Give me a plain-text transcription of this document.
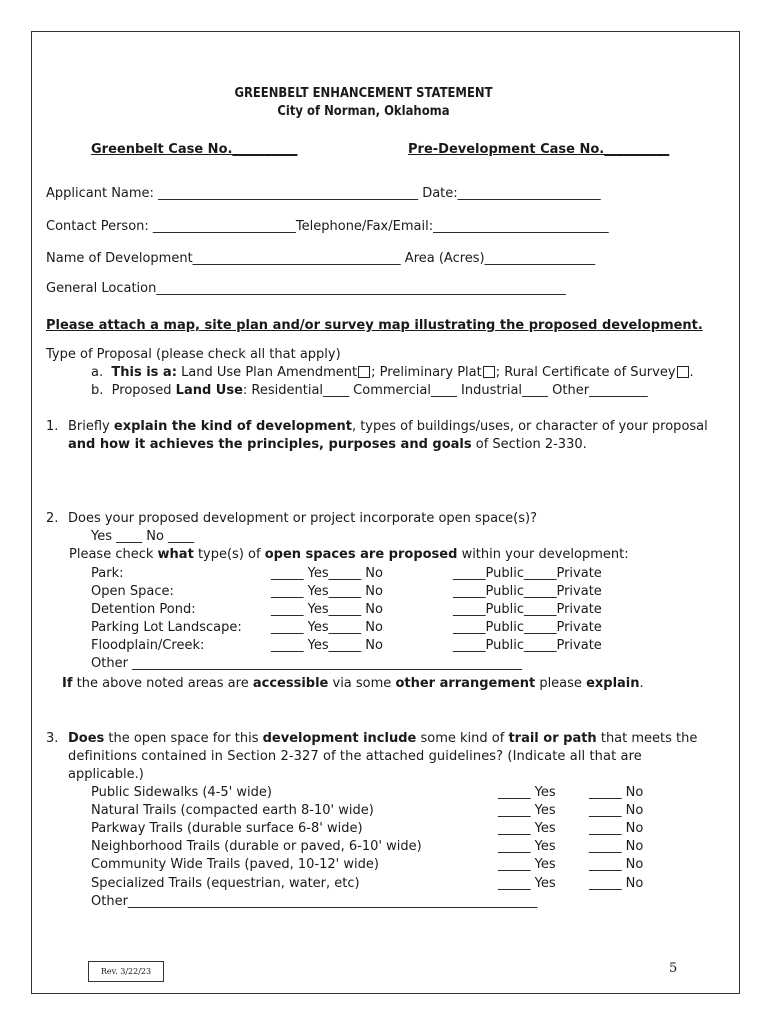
GREENBELT ENHANCEMENT STATEMENT
City of Norman, Oklahoma
Greenbelt Case No.__________	Pre-Development Case No.__________
Applicant Name: ________________________________________ Date:______________________
Contact Person: ______________________Telephone/Fax/Email:___________________________
Name of Development________________________________ Area (Acres)_________________
General Location_______________________________________________________________
Please attach a map, site plan and/or survey map illustrating the proposed development.
Type of Proposal (please check all that apply)
a. This is a: Land Use Plan Amendment ; Preliminary Plat ; Rural Certificate of Survey .
b. Proposed Land Use: Residential____ Commercial____ Industrial____ Other_________
1. Briefly explain the kind of development, types of buildings/uses, or character of your proposal
and how it achieves the principles, purposes and goals of Section 2-330.
2. Does your proposed development or project incorporate open space(s)?
Yes ____ No ____
Please check what type(s) of open spaces are proposed within your development:
Park:	_____ Yes_____ No	_____Public_____Private
Open Space:	_____ Yes_____ No	_____Public_____Private
Detention Pond:	_____ Yes_____ No	_____Public_____Private
Parking Lot Landscape: _____ Yes_____ No	_____Public_____Private
Floodplain/Creek:	_____ Yes_____ No	_____Public_____Private
Other ____________________________________________________________
If the above noted areas are accessible via some other arrangement please explain.
3. Does the open space for this development include some kind of trail or path that meets the
definitions contained in Section 2-327 of the attached guidelines? (Indicate all that are
applicable.)
Public Sidewalks (4-5' wide)	_____ Yes	_____ No
Natural Trails (compacted earth 8-10' wide)	_____ Yes	_____ No
Parkway Trails (durable surface 6-8' wide)	_____ Yes	_____ No
Neighborhood Trails (durable or paved, 6-10' wide)	_____ Yes	_____ No
Community Wide Trails (paved, 10-12' wide)	_____ Yes	_____ No
Specialized Trails (equestrian, water, etc)	_____ Yes	_____ No
Other_______________________________________________________________
Rev. 3/22/23	5
